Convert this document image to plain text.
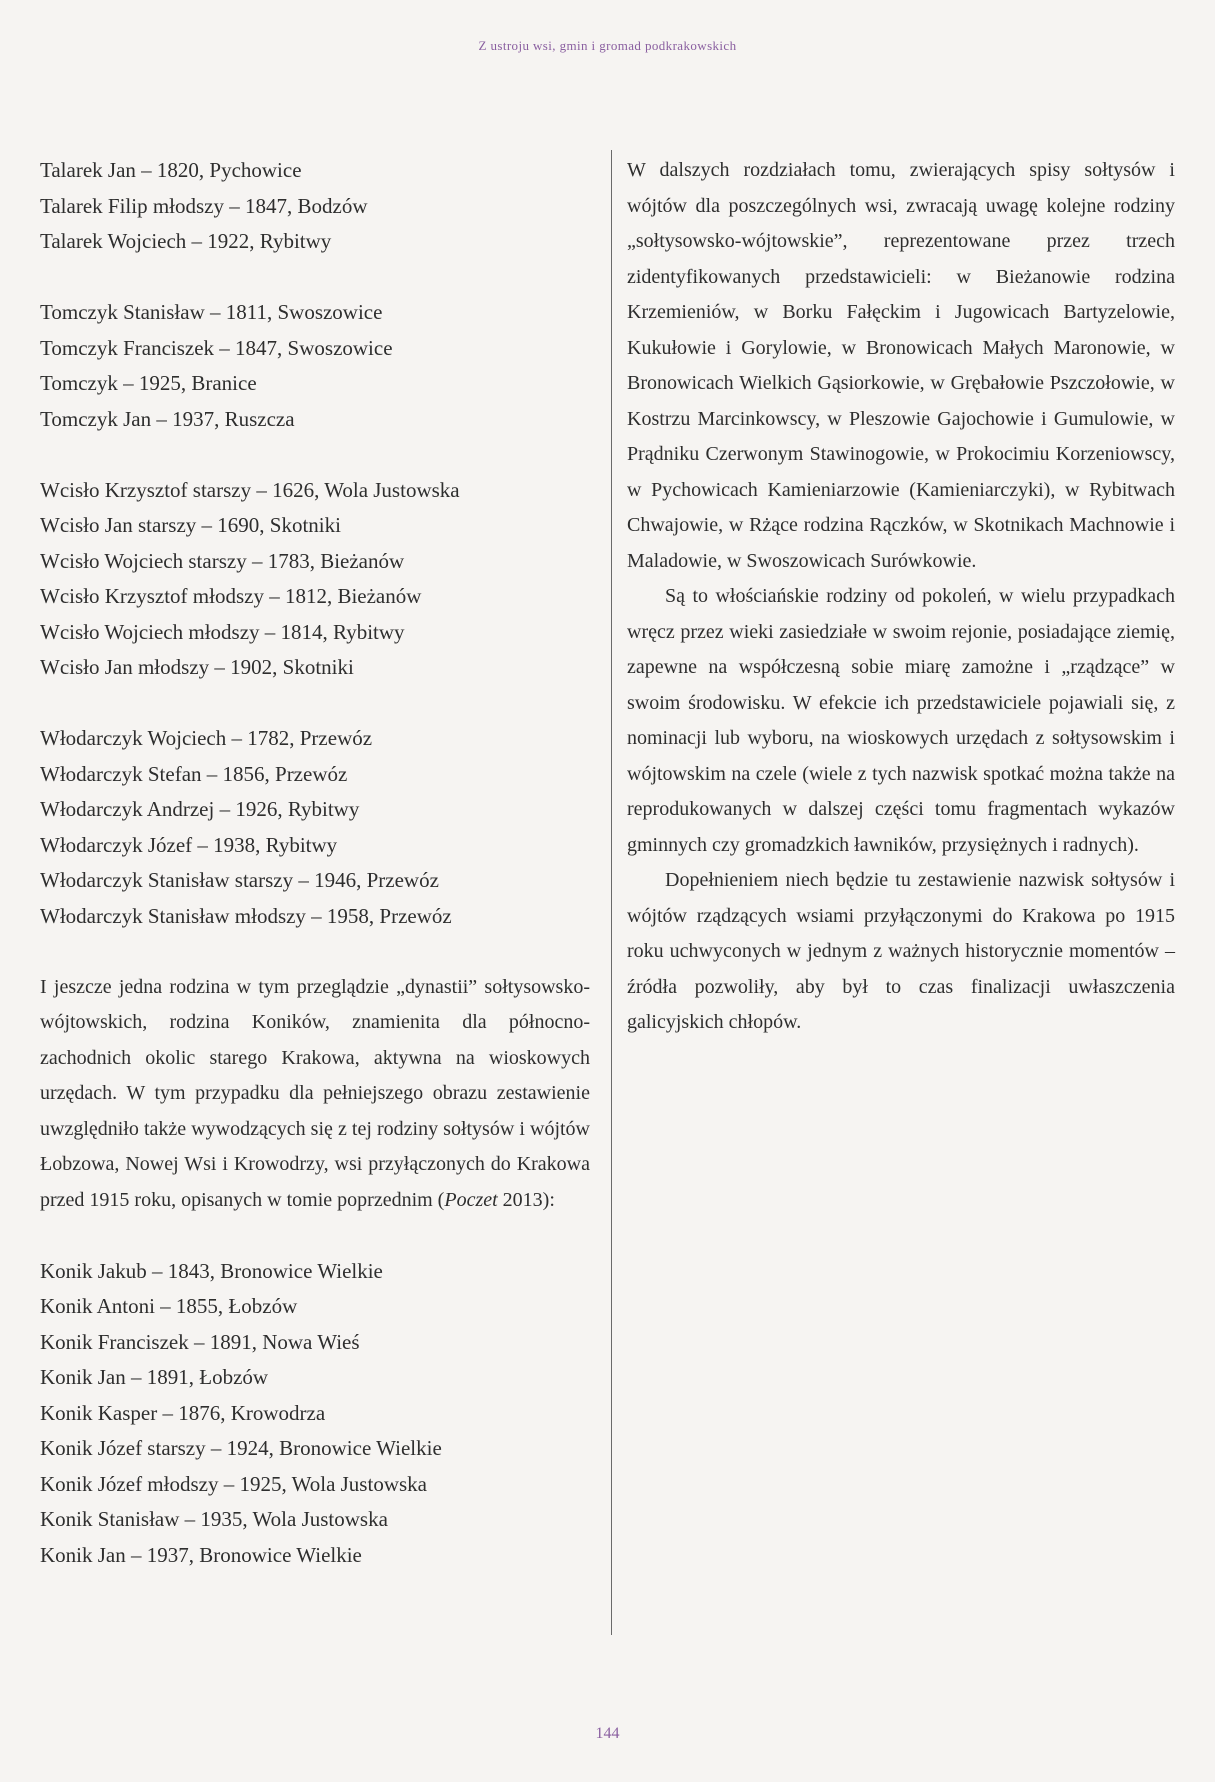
Z ustroju wsi, gmin i gromad podkrakowskich
Talarek Jan – 1820, Pychowice
Talarek Filip młodszy – 1847, Bodzów
Talarek Wojciech – 1922, Rybitwy
Tomczyk Stanisław – 1811, Swoszowice
Tomczyk Franciszek – 1847, Swoszowice
Tomczyk – 1925, Branice
Tomczyk Jan – 1937, Ruszcza
Wcisło Krzysztof starszy – 1626, Wola Justowska
Wcisło Jan starszy – 1690, Skotniki
Wcisło Wojciech starszy – 1783, Bieżanów
Wcisło Krzysztof młodszy – 1812, Bieżanów
Wcisło Wojciech młodszy – 1814, Rybitwy
Wcisło Jan młodszy – 1902, Skotniki
Włodarczyk Wojciech – 1782, Przewóz
Włodarczyk Stefan – 1856, Przewóz
Włodarczyk Andrzej – 1926, Rybitwy
Włodarczyk Józef – 1938, Rybitwy
Włodarczyk Stanisław starszy – 1946, Przewóz
Włodarczyk Stanisław młodszy – 1958, Przewóz

I jeszcze jedna rodzina w tym przeglądzie „dynastii” sołtysowsko-wójtowskich, rodzina Koników, znamienita dla północno-zachodnich okolic starego Krakowa, aktywna na wioskowych urzędach. W tym przypadku dla pełniejszego obrazu zestawienie uwzględniło także wywodzących się z tej rodziny sołtysów i wójtów Łobzowa, Nowej Wsi i Krowodrzy, wsi przyłączonych do Krakowa przed 1915 roku, opisanych w tomie poprzednim (Poczet 2013):

Konik Jakub – 1843, Bronowice Wielkie
Konik Antoni – 1855, Łobzów
Konik Franciszek – 1891, Nowa Wieś
Konik Jan – 1891, Łobzów
Konik Kasper – 1876, Krowodrza
Konik Józef starszy – 1924, Bronowice Wielkie
Konik Józef młodszy – 1925, Wola Justowska
Konik Stanisław – 1935, Wola Justowska
Konik Jan – 1937, Bronowice Wielkie

W dalszych rozdziałach tomu, zwierających spisy sołtysów i wójtów dla poszczególnych wsi, zwracają uwagę kolejne rodziny „sołtysowsko-wójtowskie”, reprezentowane przez trzech zidentyfikowanych przedstawicieli: w Bieżanowie rodzina Krzemieniów, w Borku Fałęckim i Jugowicach Bartyzelowie, Kukułowie i Gorylowie, w Bronowicach Małych Maronowie, w Bronowicach Wielkich Gąsiorkowie, w Grębałowie Pszczołowie, w Kostrzu Marcinkowscy, w Pleszowie Gajochowie i Gumulowie, w Prądniku Czerwonym Stawinogowie, w Prokocimiu Korzeniowscy, w Pychowicach Kamieniarzowie (Kamieniarczyki), w Rybitwach Chwajowie, w Rżące rodzina Rączków, w Skotnikach Machnowie i Maladowie, w Swoszowicach Surówkowie.

Są to włościańskie rodziny od pokoleń, w wielu przypadkach wręcz przez wieki zasiedziałe w swoim rejonie, posiadające ziemię, zapewne na współczesną sobie miarę zamożne i „rządzące” w swoim środowisku. W efekcie ich przedstawiciele pojawiali się, z nominacji lub wyboru, na wioskowych urzędach z sołtysowskim i wójtowskim na czele (wiele z tych nazwisk spotkać można także na reprodukowanych w dalszej części tomu fragmentach wykazów gminnych czy gromadzkich ławników, przysiężnych i radnych).

Dopełnieniem niech będzie tu zestawienie nazwisk sołtysów i wójtów rządzących wsiami przyłączonymi do Krakowa po 1915 roku uchwyconych w jednym z ważnych historycznie momentów – źródła pozwoliły, aby był to czas finalizacji uwłaszczenia galicyjskich chłopów.

144
